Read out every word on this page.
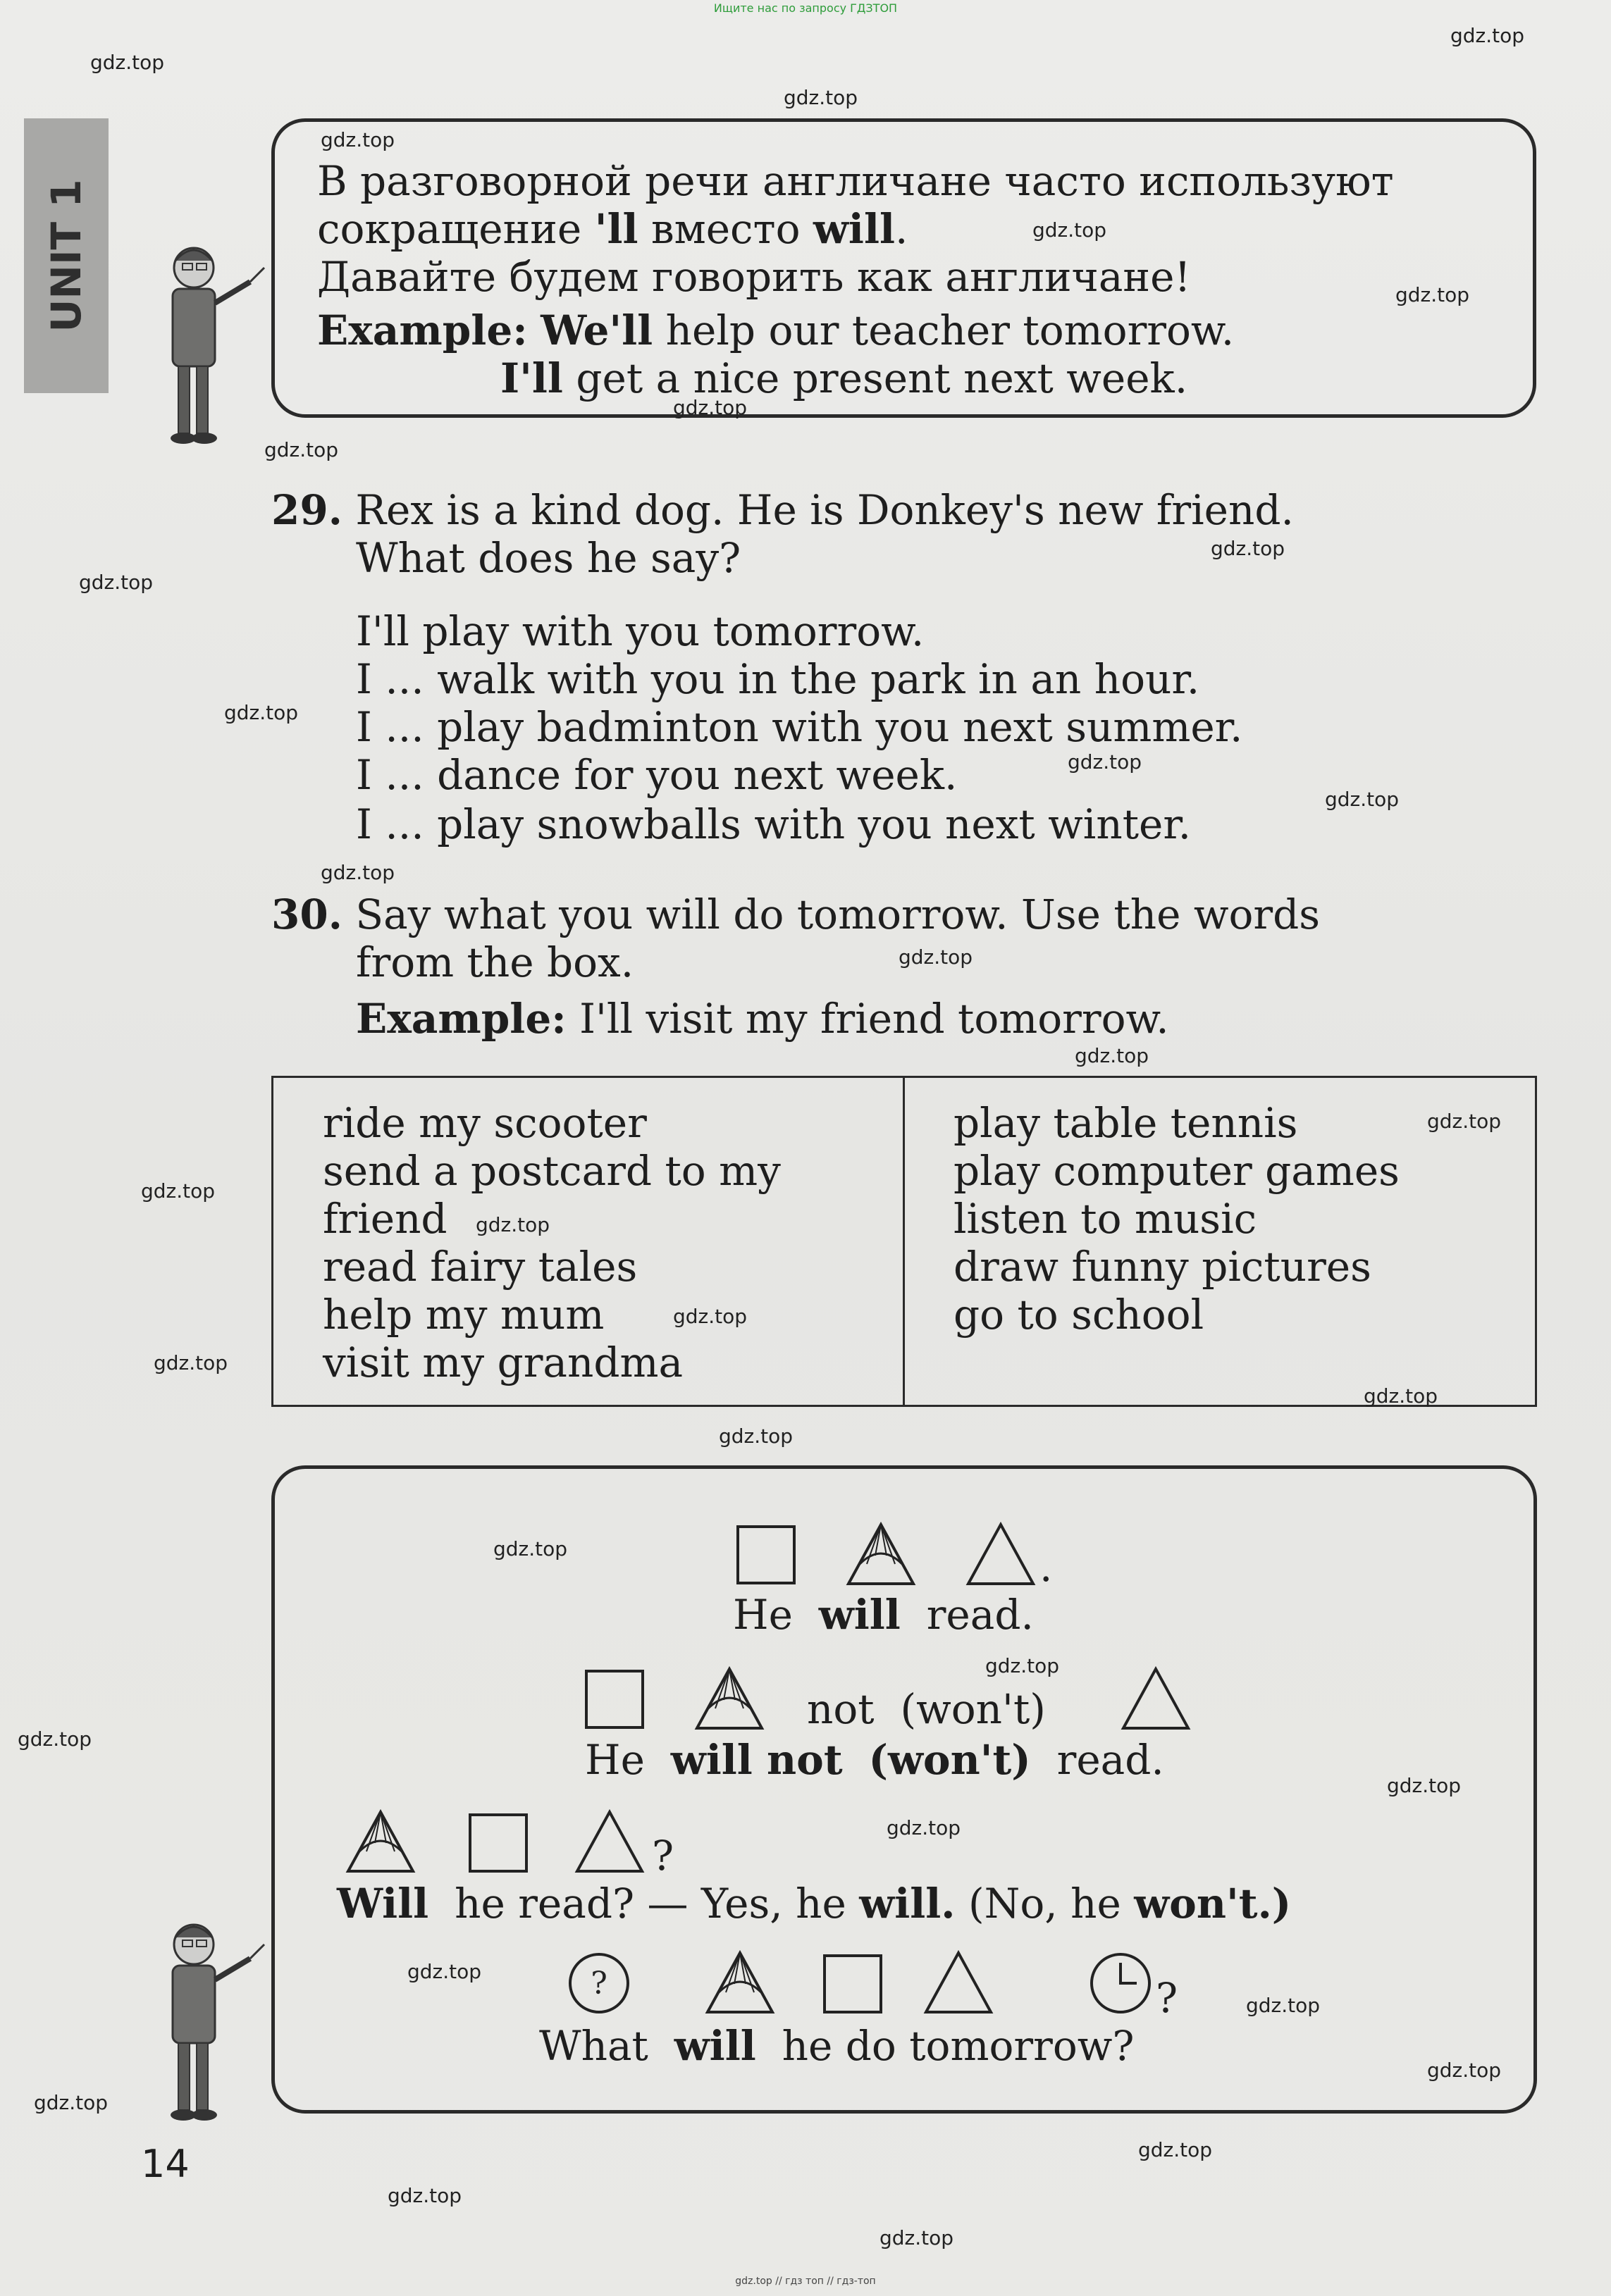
Ищите нас по запросу ГДЗТОП
UNIT 1	В разговорной речи англичане часто используют
сокращение 'll вместо will.
Давайте будем говорить как англичане!
Example: We'll help our teacher tomorrow.
I'll get a nice present next week.
29. Rex is a kind dog. He is Donkey's new friend.
What does he say?
I'll play with you tomorrow.
I ... walk with you in the park in an hour.
I ... play badminton with you next summer.
I ... dance for you next week.
I ... play snowballs with you next winter.
30. Say what you will do tomorrow. Use the words
from the box.
Example: I'll visit my friend tomorrow.
ride my scooter
send a postcard to my
friend
read fairy tales
help my mum
visit my grandma
play table tennis
play computer games
listen to music
draw funny pictures
go to school
.
He will read.
not (won't)
He will not (won't) read.
?
Will he read? — Yes, he will. (No, he won't.)
?	?
What will he do tomorrow?
14
gdz.top
gdz.top
gdz.top
gdz.top
gdz.top
gdz.top
gdz.top
gdz.top
gdz.top
gdz.top
gdz.top
gdz.top
gdz.top
gdz.top
gdz.top
gdz.top
gdz.top
gdz.top
gdz.top
gdz.top
gdz.top
gdz.top
gdz.top
gdz.top
gdz.top
gdz.top
gdz.top
gdz.top
gdz.top
gdz.top
gdz.top
gdz.top
gdz.top
gdz.top
gdz.top
gdz.top // гдз топ // гдз-топ
